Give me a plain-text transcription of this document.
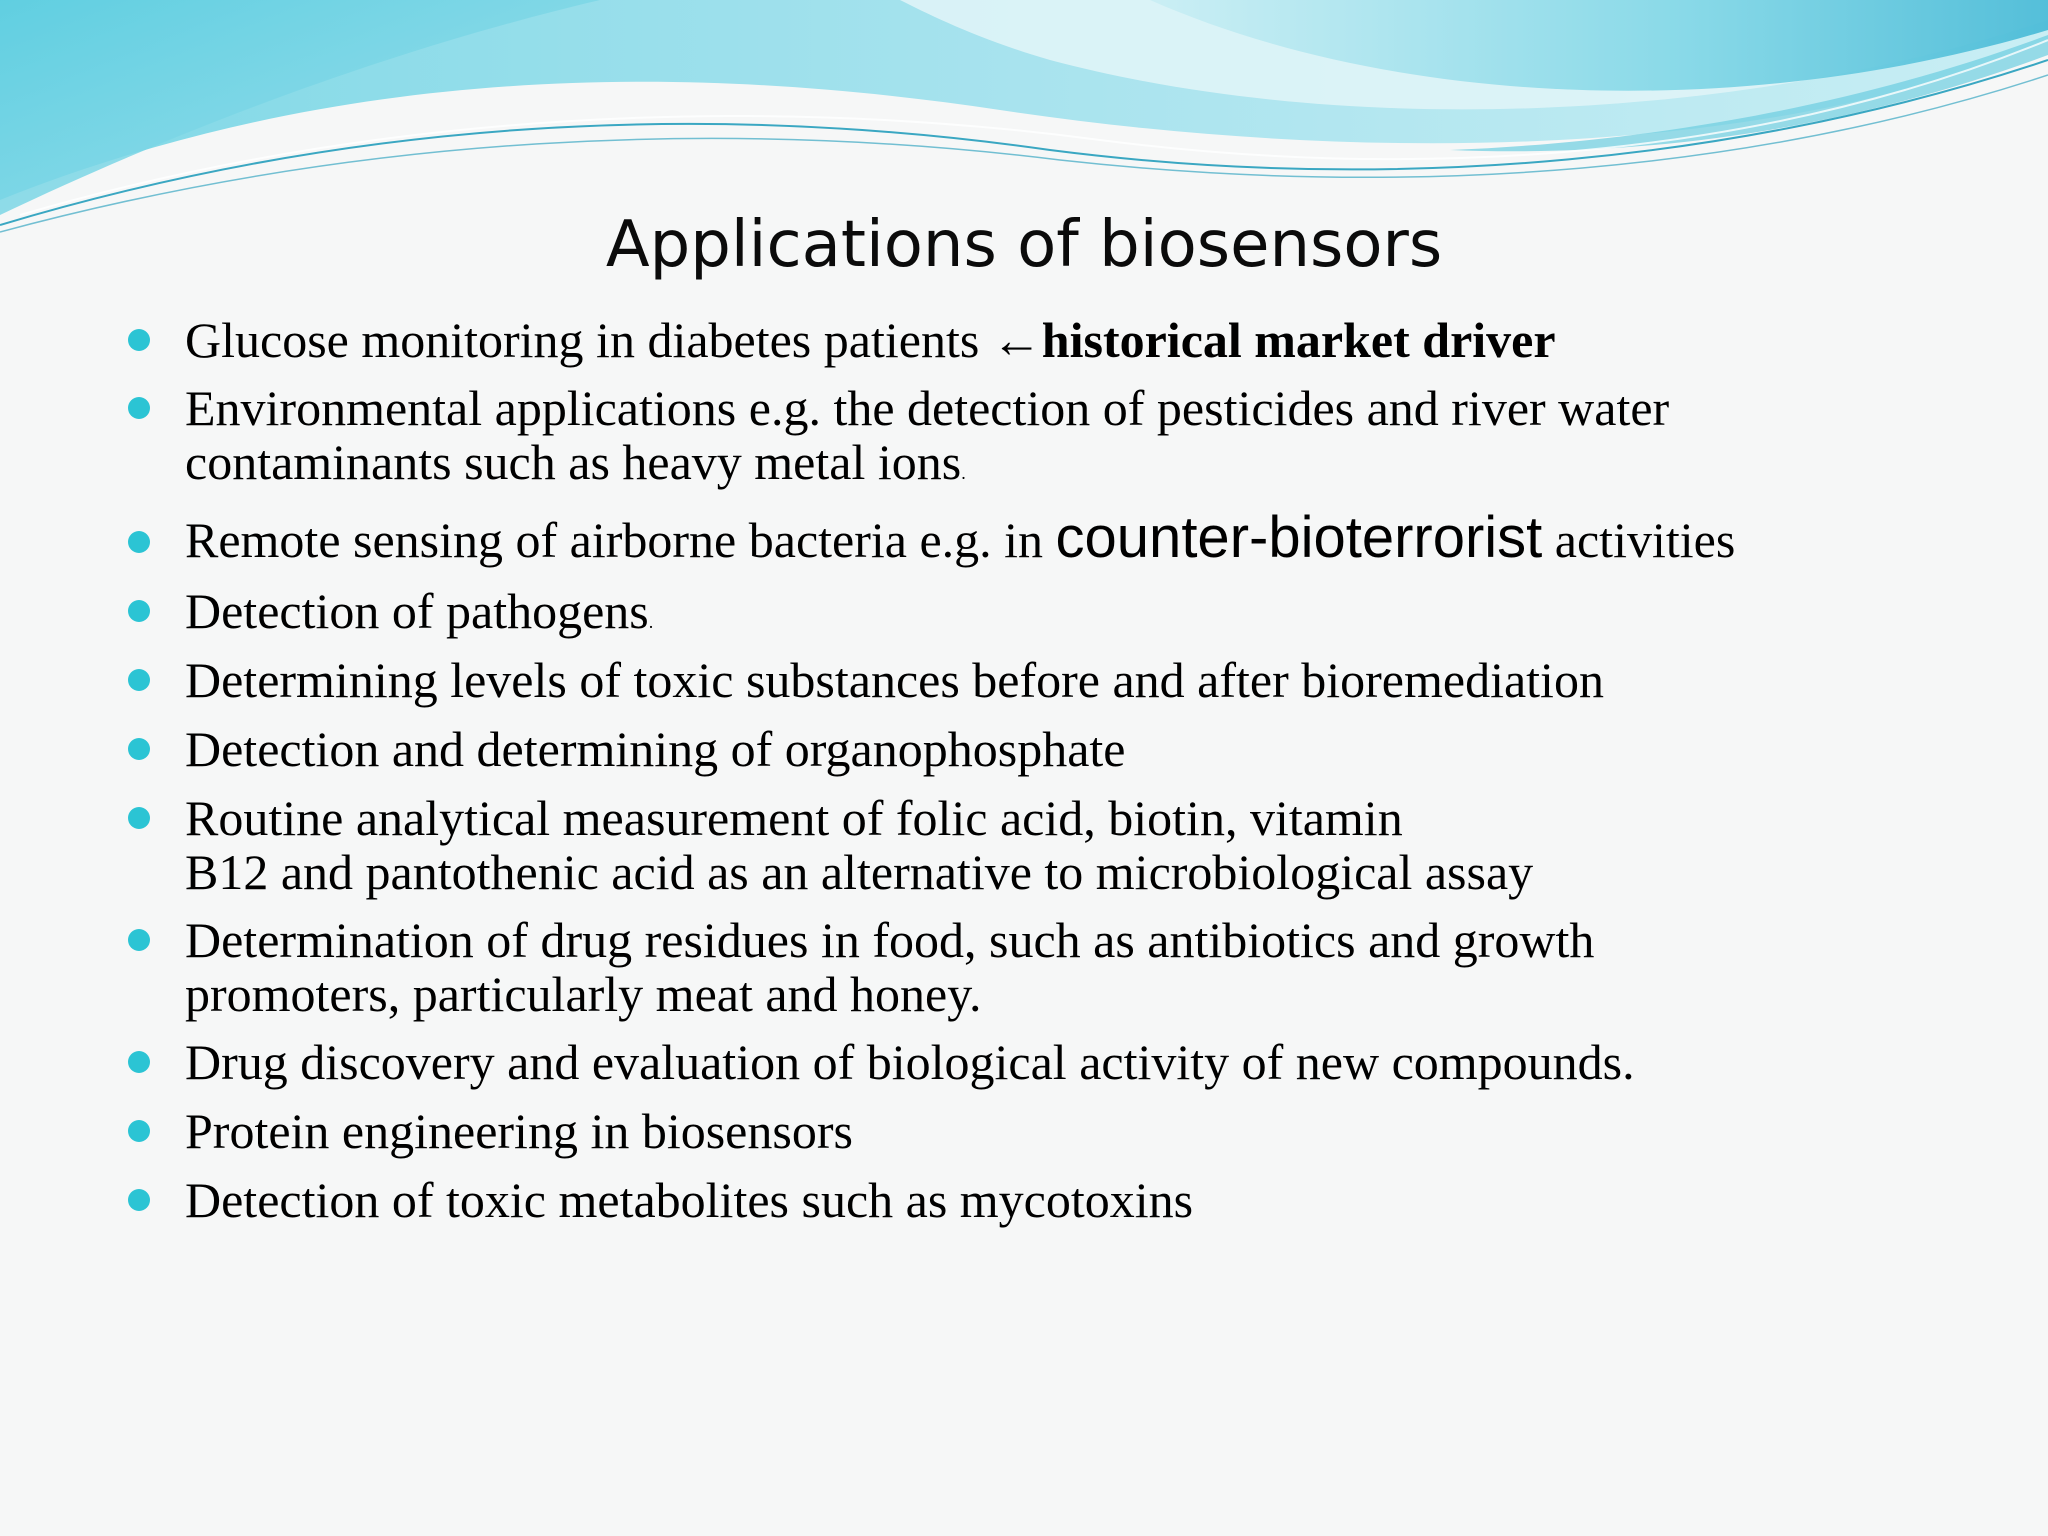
Applications of biosensors
Glucose monitoring in diabetes patients ←historical market driver
Environmental applications e.g. the detection of pesticides and river water
contaminants such as heavy metal ions.
Remote sensing of airborne bacteria e.g. in counter-bioterrorist activities
Detection of pathogens.
Determining levels of toxic substances before and after bioremediation
Detection and determining of organophosphate
Routine analytical measurement of folic acid, biotin, vitamin
B12 and pantothenic acid as an alternative to microbiological assay
Determination of drug residues in food, such as antibiotics and growth
promoters, particularly meat and honey.
Drug discovery and evaluation of biological activity of new compounds.
Protein engineering in biosensors
Detection of toxic metabolites such as mycotoxins
